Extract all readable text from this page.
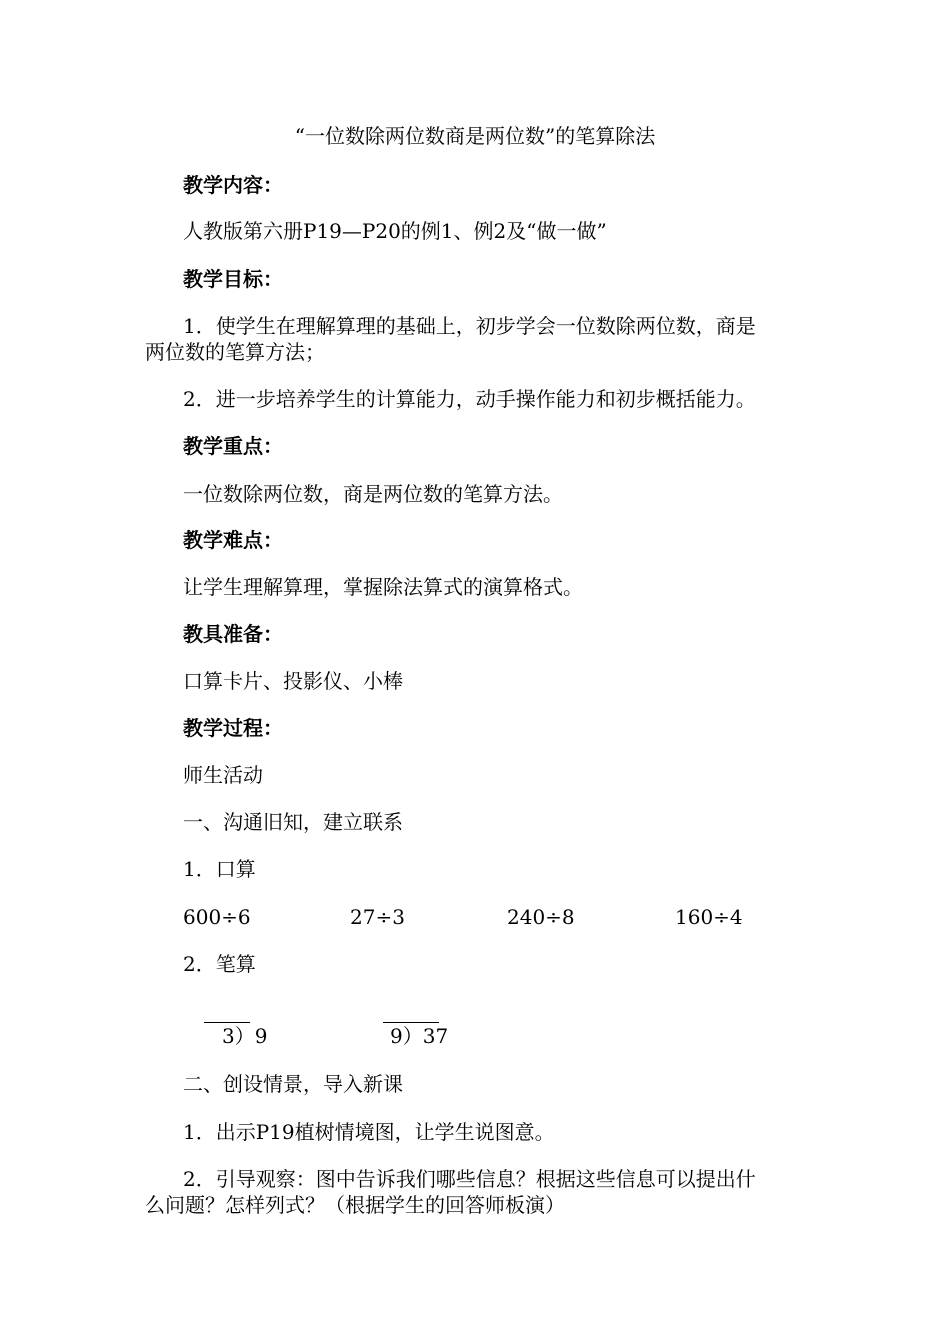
“一位数除两位数商是两位数”的笔算除法
教学内容：
人教版第六册P19—P20的例1、例2及“做一做”
教学目标：
1．使学生在理解算理的基础上，初步学会一位数除两位数，商是
两位数的笔算方法；
2．进一步培养学生的计算能力，动手操作能力和初步概括能力。
教学重点：
一位数除两位数，商是两位数的笔算方法。
教学难点：
让学生理解算理，掌握除法算式的演算格式。
教具准备：
口算卡片、投影仪、小棒
教学过程：
师生活动
一、沟通旧知，建立联系
1．口算
600÷6	27÷3	240÷8	160÷4
2．笔算
3）9	9）37
二、创设情景，导入新课
1．出示P19植树情境图，让学生说图意。
2．引导观察：图中告诉我们哪些信息？根据这些信息可以提出什
么问题？怎样列式？（根据学生的回答师板演）
